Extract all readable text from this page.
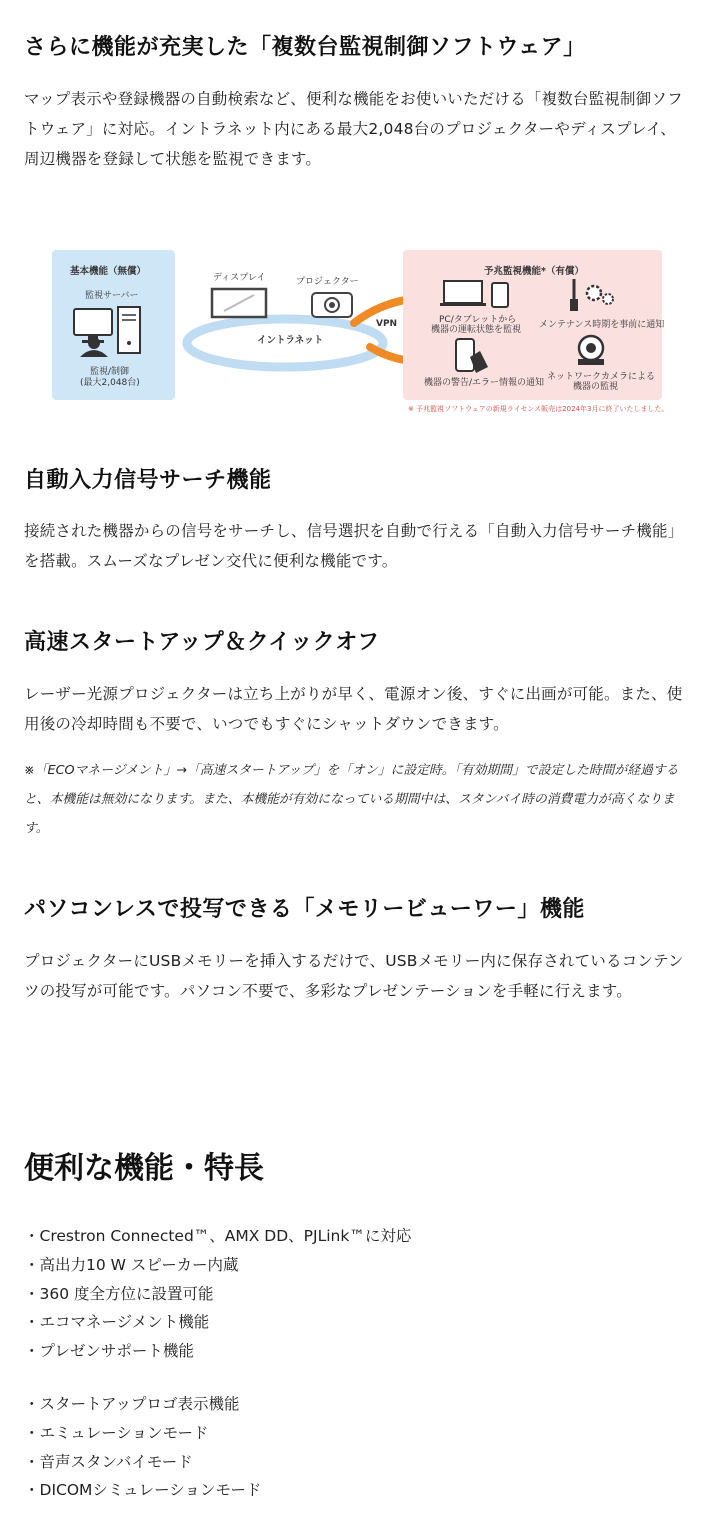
さらに機能が充実した「複数台監視制御ソフトウェア」

マップ表示や登録機器の自動検索など、便利な機能をお使いいただける「複数台監視制御ソフトウェア」に対応。イントラネット内にある最大2,048台のプロジェクターやディスプレイ、周辺機器を登録して状態を監視できます。

基本機能（無償）
監視サーバー
監視/制御
(最大2,048台)
イントラネット
ディスプレイ	プロジェクター
VPN
予兆監視機能*（有償）
PC/タブレットから
機器の運転状態を監視 メンテナンス時期を事前に通知
機器の警告/エラー情報の通知
ネットワークカメラによる
機器の監視
※ 予兆監視ソフトウェアの新規ライセンス販売は2024年3月に終了いたしました。
自動入力信号サーチ機能

接続された機器からの信号をサーチし、信号選択を自動で行える「自動入力信号サーチ機能」を搭載。スムーズなプレゼン交代に便利な機能です。

高速スタートアップ＆クイックオフ

レーザー光源プロジェクターは立ち上がりが早く、電源オン後、すぐに出画が可能。また、使用後の冷却時間も不要で、いつでもすぐにシャットダウンできます。

※「ECOマネージメント」→「高速スタートアップ」を「オン」に設定時。「有効期間」で設定した時間が経過すると、本機能は無効になります。また、本機能が有効になっている期間中は、スタンバイ時の消費電力が高くなります。

パソコンレスで投写できる「メモリービューワー」機能

プロジェクターにUSBメモリーを挿入するだけで、USBメモリー内に保存されているコンテンツの投写が可能です。パソコン不要で、多彩なプレゼンテーションを手軽に行えます。

便利な機能・特長
・ Crestron Connected™、AMX DD、PJLink™に対応
・ 高出力10 W スピーカー内蔵
・ 360 度全方位に設置可能
・ エコマネージメント機能
・ プレゼンサポート機能
・ スタートアップロゴ表示機能
・ エミュレーションモード
・ 音声スタンバイモード
・ DICOMシミュレーションモード
